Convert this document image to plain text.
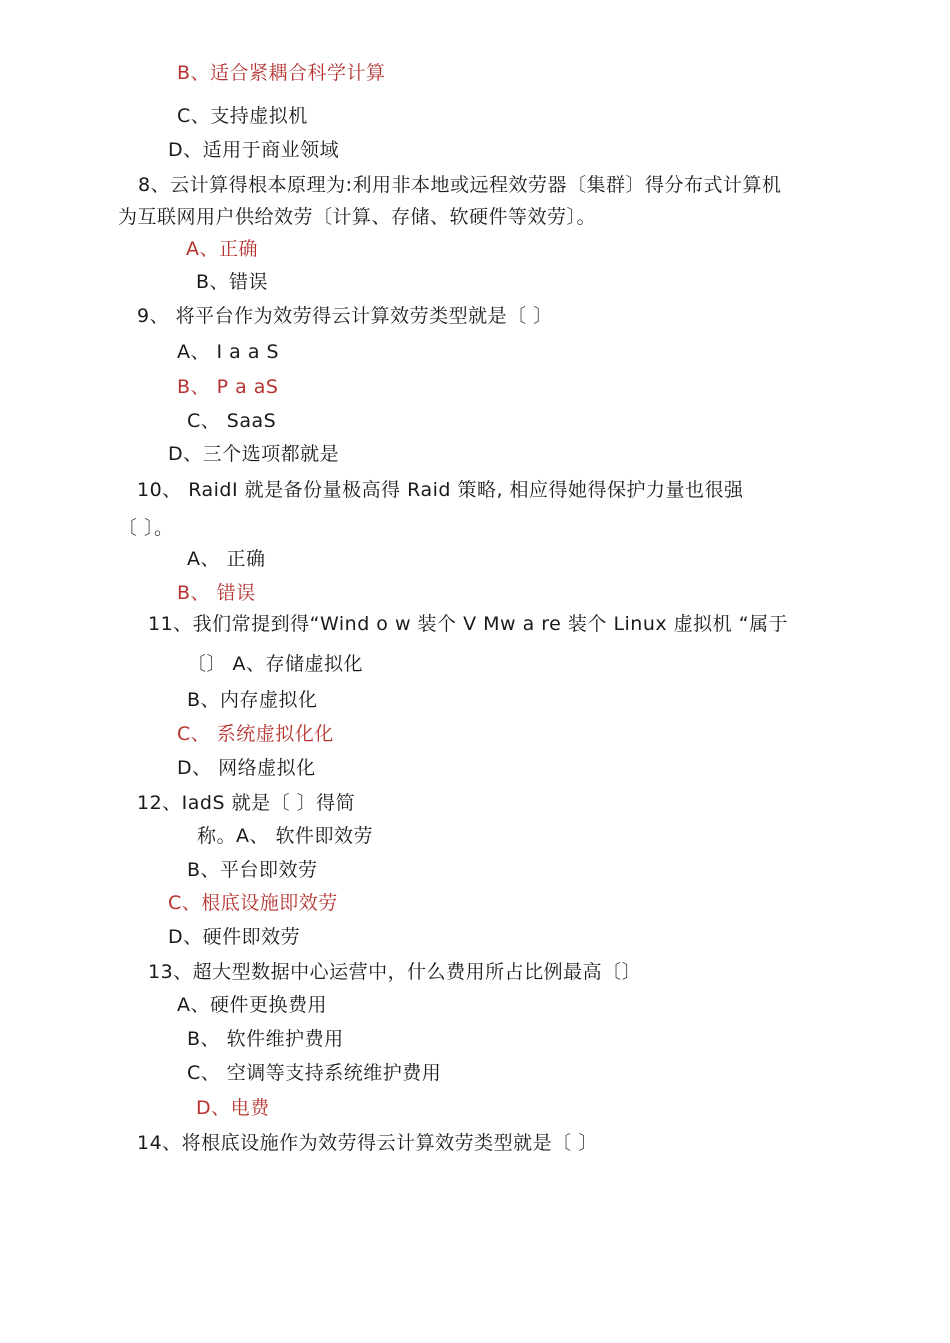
B、适合紧耦合科学计算
C、支持虚拟机
D、适用于商业领域
8、云计算得根本原理为:利用非本地或远程效劳器〔集群〕得分布式计算机
为互联网用户供给效劳〔计算、存储、软硬件等效劳〕。
A、正确
B、错误
9、 将平台作为效劳得云计算效劳类型就是〔 〕
A、 I a a S
B、 P a aS
C、 SaaS
D、三个选项都就是
10、 RaidI 就是备份量极高得 Raid 策略, 相应得她得保护力量也很强
〔 〕。
A、 正确
B、 错误
11、我们常提到得“Wind o w 装个 V Mw a re 装个 Linux 虚拟机 “属于
〔〕 A、存储虚拟化
B、内存虚拟化
C、 系统虚拟化化
D、 网络虚拟化
12、IadS 就是〔 〕得简
称。A、 软件即效劳
B、平台即效劳
C、根底设施即效劳
D、硬件即效劳
13、超大型数据中心运营中，什么费用所占比例最高〔〕
A、硬件更换费用
B、 软件维护费用
C、 空调等支持系统维护费用
D、电费
14、将根底设施作为效劳得云计算效劳类型就是〔 〕
